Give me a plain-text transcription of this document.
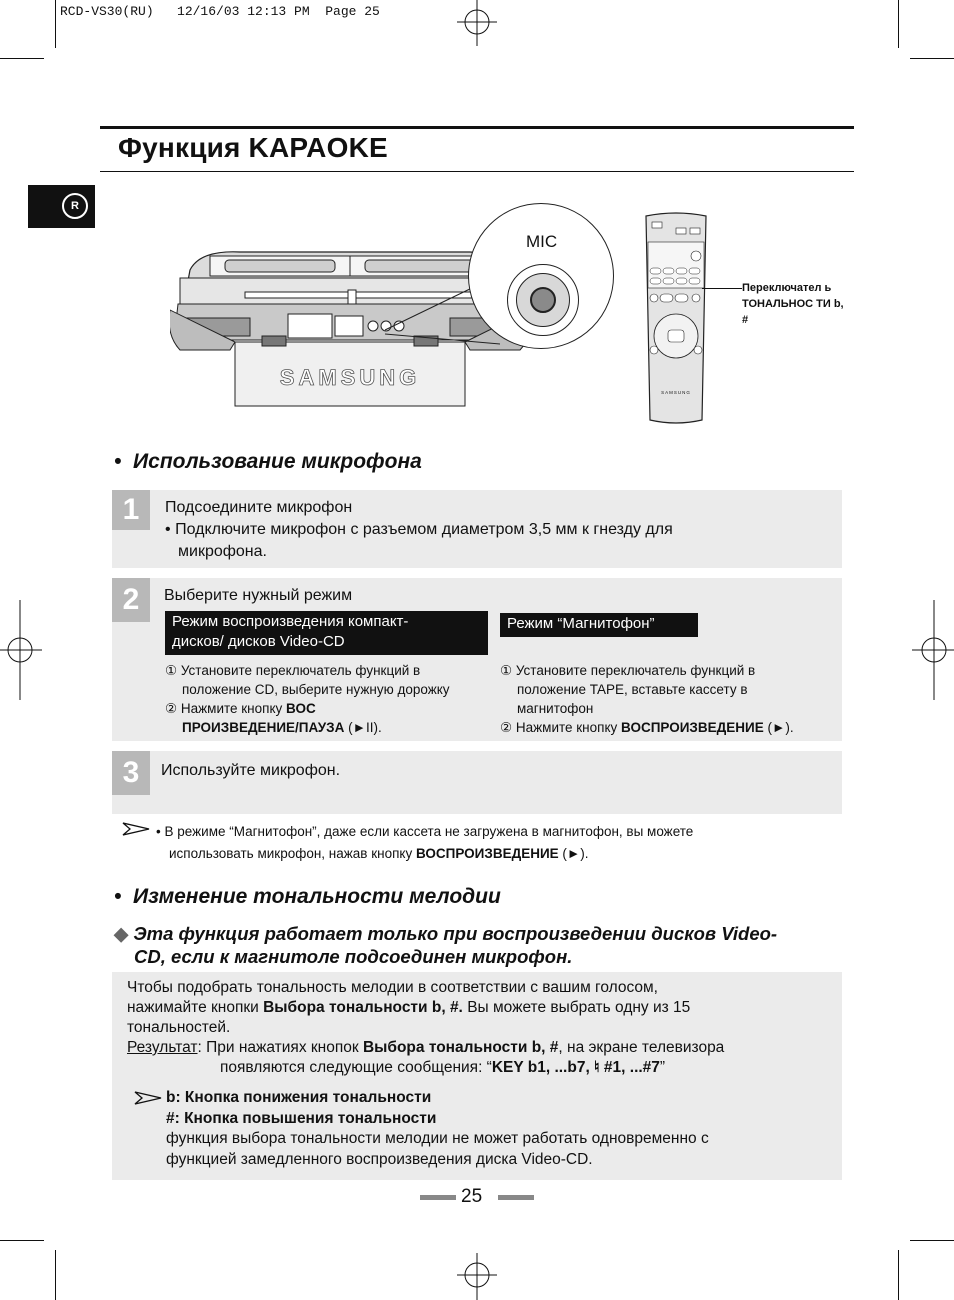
RCD-VS30(RU)   12/16/03 12:13 PM  Page 25
Функция KAPAOKE
R
SAMSUNG
MIC
SAMSUNG
Переключател ь ТОНАЛЬНОС ТИ b, #
•  Использование микрофона
1	Подсоедините микрофон
• Подключите микрофон с разъемом диаметром 3,5 мм к гнезду для
микрофона.
2	Выберите нужный режим
Режим воспроизведения компакт-
дисков/ дисков Video-CD
① Установите переключатель функций в
положение CD, выберите нужную дорожку
② Нажмите кнопку ВОС
ПРОИЗВЕДЕНИЕ/ПАУЗА (►II).
Режим “Магнитофон”
① Установите переключатель функций в
положение TAPE, вставьте кассету в
магнитофон
② Нажмите кнопку ВОСПРОИЗВЕДЕНИЕ (►).
3	Используйте микрофон.
• В режиме “Магнитофон”, даже если кассета не загружена в магнитофон, вы можете
использовать микрофон, нажав кнопку ВОСПРОИЗВЕДЕНИЕ (►).
•  Изменение тональности мелодии
◆ Эта функция работает только при воспроизведении дисков Video-
CD, если к магнитоле подсоединен микрофон.
Чтобы подобрать тональность мелодии в соответствии с вашим голосом,
нажимайте кнопки Выбора тональности b, #. Вы можете выбрать одну из 15
тональностей.
Результат: При нажатиях кнопок Выбора тональности b, #, на экране телевизора
появляются следующие сообщения: “KEY b1, ...b7, ♮ #1, ...#7”
b: Кнопка понижения тональности
#: Кнопка повышения тональности
функция выбора тональности мелодии не может работать одновременно с
функцией замедленного воспроизведения диска Video-CD.
25
